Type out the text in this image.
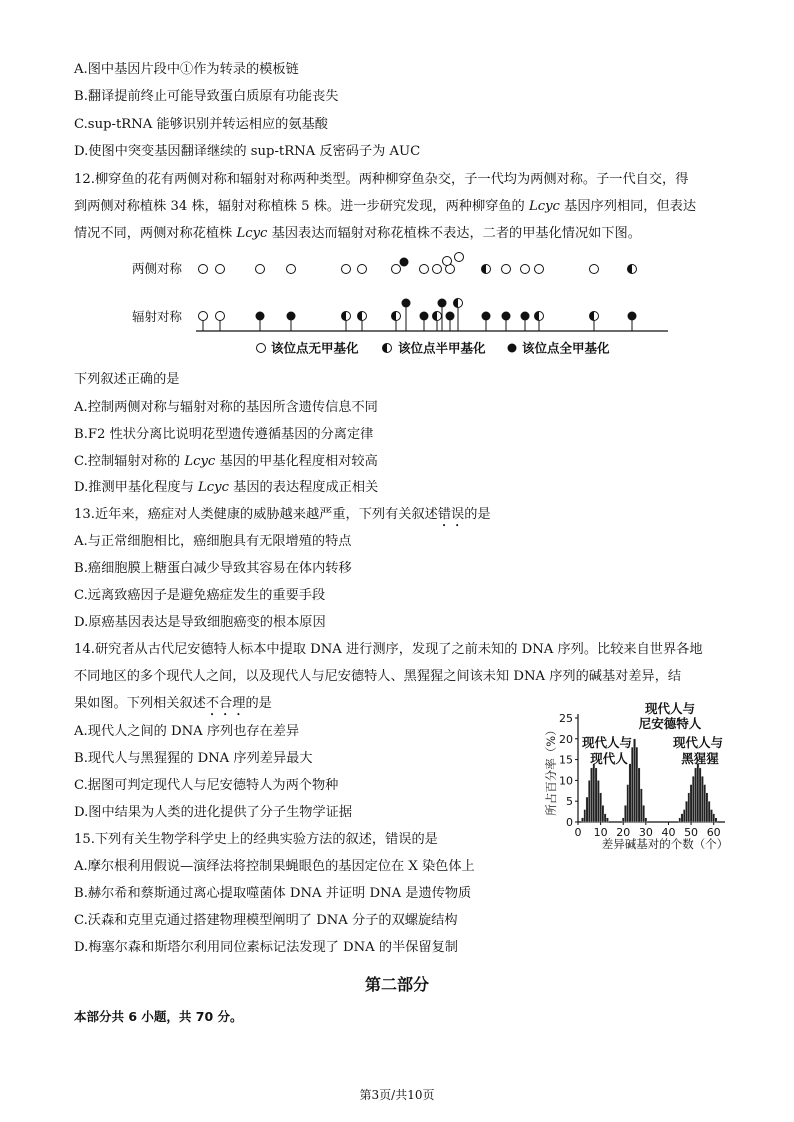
A.图中基因片段中①作为转录的模板链
B.翻译提前终止可能导致蛋白质原有功能丧失
C.sup-tRNA 能够识别并转运相应的氨基酸
D.使图中突变基因翻译继续的 sup-tRNA 反密码子为 AUC
12.柳穿鱼的花有两侧对称和辐射对称两种类型。两种柳穿鱼杂交，子一代均为两侧对称。子一代自交，得
到两侧对称植株 34 株，辐射对称植株 5 株。进一步研究发现，两种柳穿鱼的 Lcyc 基因序列相同，但表达
情况不同，两侧对称花植株 Lcyc 基因表达而辐射对称花植株不表达，二者的甲基化情况如下图。
两侧对称
辐射对称
该位点无甲基化	该位点半甲基化	该位点全甲基化
下列叙述正确的是
A.控制两侧对称与辐射对称的基因所含遗传信息不同
B.F2 性状分离比说明花型遗传遵循基因的分离定律
C.控制辐射对称的 Lcyc 基因的甲基化程度相对较高
D.推测甲基化程度与 Lcyc 基因的表达程度成正相关
13.近年来，癌症对人类健康的威胁越来越严重，下列有关叙述错误的是
A.与正常细胞相比，癌细胞具有无限增殖的特点
B.癌细胞膜上糖蛋白减少导致其容易在体内转移
C.远离致癌因子是避免癌症发生的重要手段
D.原癌基因表达是导致细胞癌变的根本原因
14.研究者从古代尼安德特人标本中提取 DNA 进行测序，发现了之前未知的 DNA 序列。比较来自世界各地
不同地区的多个现代人之间，以及现代人与尼安德特人、黑猩猩之间该未知 DNA 序列的碱基对差异，结
果如图。下列相关叙述不合理的是
A.现代人之间的 DNA 序列也存在差异
B.现代人与黑猩猩的 DNA 序列差异最大
C.据图可判定现代人与尼安德特人为两个物种
D.图中结果为人类的进化提供了分子生物学证据	所占百分率（%）
0
5
10
15
20
25
0 10 20 30 40 50 60
现代人与
现代人
现代人与
尼安德特人
现代人与
黑猩猩
差异碱基对的个数（个）
15.下列有关生物学科学史上的经典实验方法的叙述，错误的是
A.摩尔根利用假说—演绎法将控制果蝇眼色的基因定位在 X 染色体上
B.赫尔希和蔡斯通过离心提取噬菌体 DNA 并证明 DNA 是遗传物质
C.沃森和克里克通过搭建物理模型阐明了 DNA 分子的双螺旋结构
D.梅塞尔森和斯塔尔利用同位素标记法发现了 DNA 的半保留复制
第二部分
本部分共 6 小题，共 70 分。
第3页/共10页
